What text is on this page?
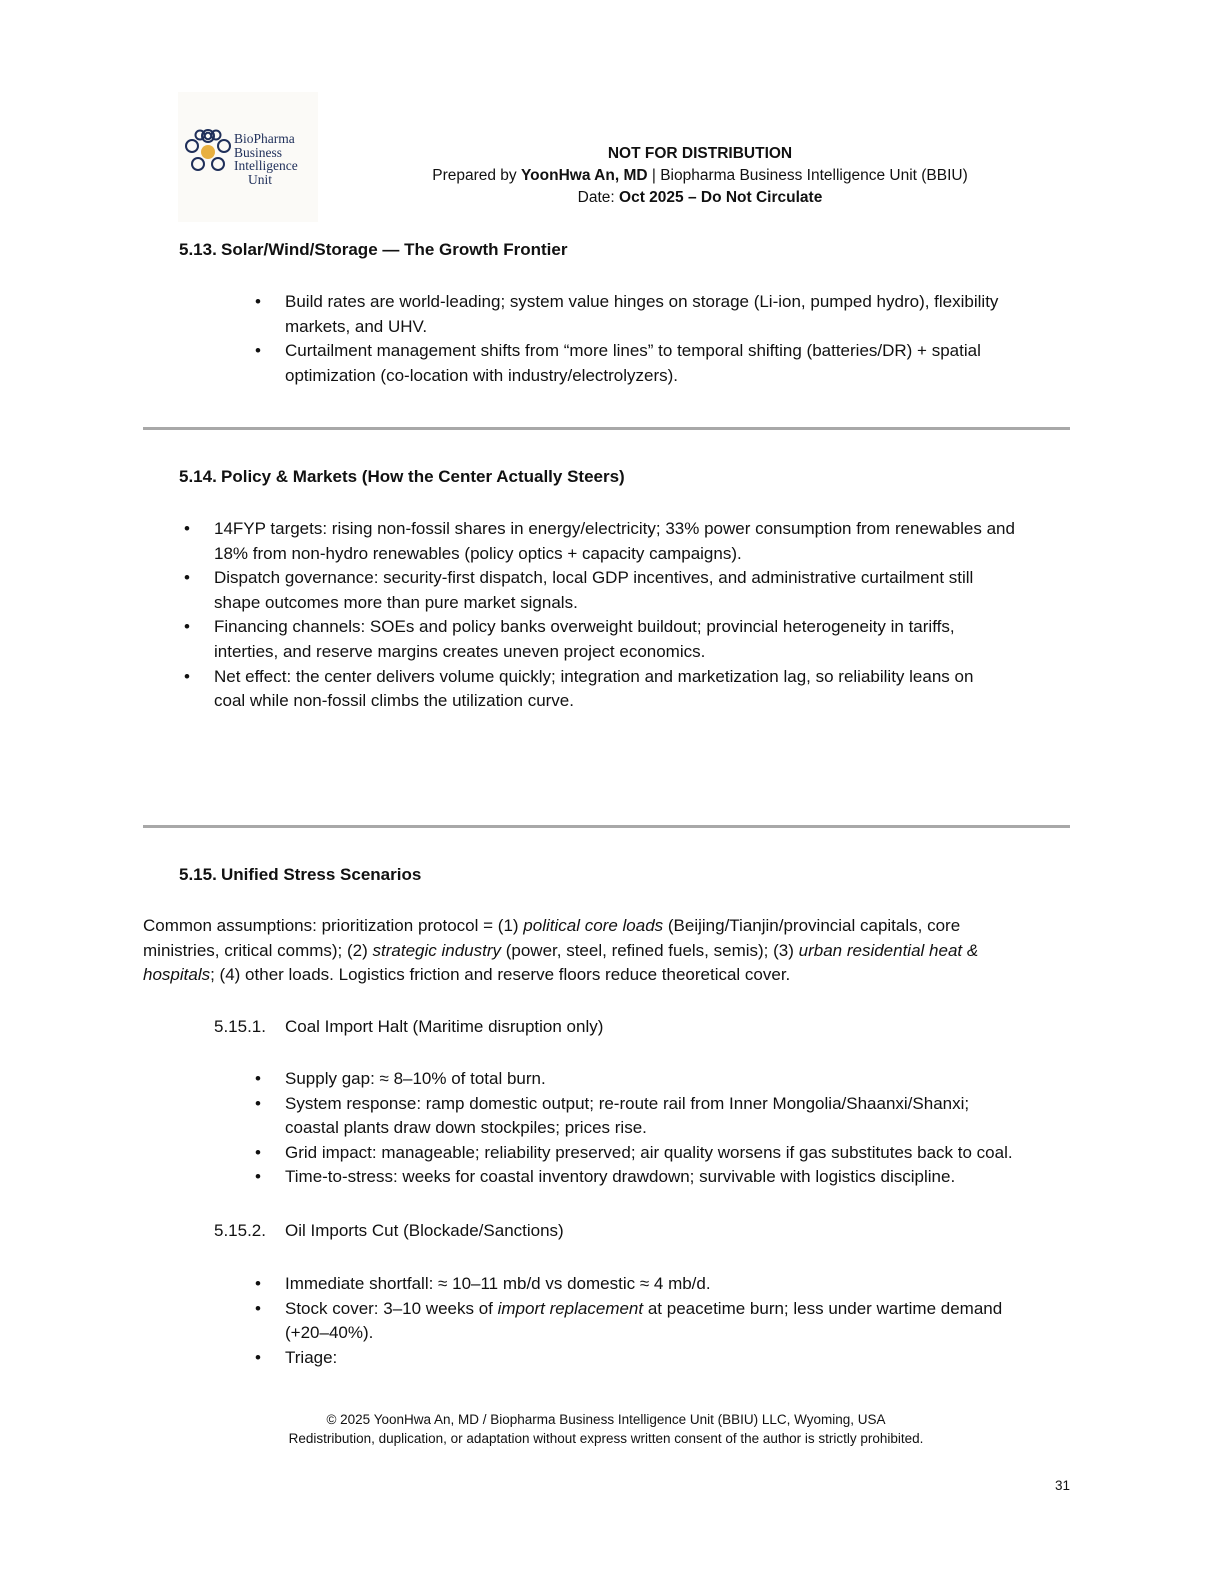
BioPharma
Business
Intelligence
Unit
NOT FOR DISTRIBUTION
Prepared by YoonHwa An, MD | Biopharma Business Intelligence Unit (BBIU)
Date: Oct 2025 – Do Not Circulate
5.13. Solar/Wind/Storage — The Growth Frontier
• Build rates are world-leading; system value hinges on storage (Li-ion, pumped hydro), flexibility
markets, and UHV.
• Curtailment management shifts from “more lines” to temporal shifting (batteries/DR) + spatial
optimization (co-location with industry/electrolyzers).
5.14. Policy & Markets (How the Center Actually Steers)
• 14FYP targets: rising non-fossil shares in energy/electricity; 33% power consumption from renewables and
18% from non-hydro renewables (policy optics + capacity campaigns).
• Dispatch governance: security-first dispatch, local GDP incentives, and administrative curtailment still
shape outcomes more than pure market signals.
• Financing channels: SOEs and policy banks overweight buildout; provincial heterogeneity in tariffs,
interties, and reserve margins creates uneven project economics.
• Net effect: the center delivers volume quickly; integration and marketization lag, so reliability leans on
coal while non-fossil climbs the utilization curve.
5.15. Unified Stress Scenarios
Common assumptions: prioritization protocol = (1) political core loads (Beijing/Tianjin/provincial capitals, core
ministries, critical comms); (2) strategic industry (power, steel, refined fuels, semis); (3) urban residential heat &
hospitals; (4) other loads. Logistics friction and reserve floors reduce theoretical cover.
5.15.1. Coal Import Halt (Maritime disruption only)
• Supply gap: ≈ 8–10% of total burn.
• System response: ramp domestic output; re-route rail from Inner Mongolia/Shaanxi/Shanxi;
coastal plants draw down stockpiles; prices rise.
• Grid impact: manageable; reliability preserved; air quality worsens if gas substitutes back to coal.
• Time-to-stress: weeks for coastal inventory drawdown; survivable with logistics discipline.
5.15.2. Oil Imports Cut (Blockade/Sanctions)
• Immediate shortfall: ≈ 10–11 mb/d vs domestic ≈ 4 mb/d.
• Stock cover: 3–10 weeks of import replacement at peacetime burn; less under wartime demand
(+20–40%).
• Triage:
© 2025 YoonHwa An, MD / Biopharma Business Intelligence Unit (BBIU) LLC, Wyoming, USA
Redistribution, duplication, or adaptation without express written consent of the author is strictly prohibited.
31
